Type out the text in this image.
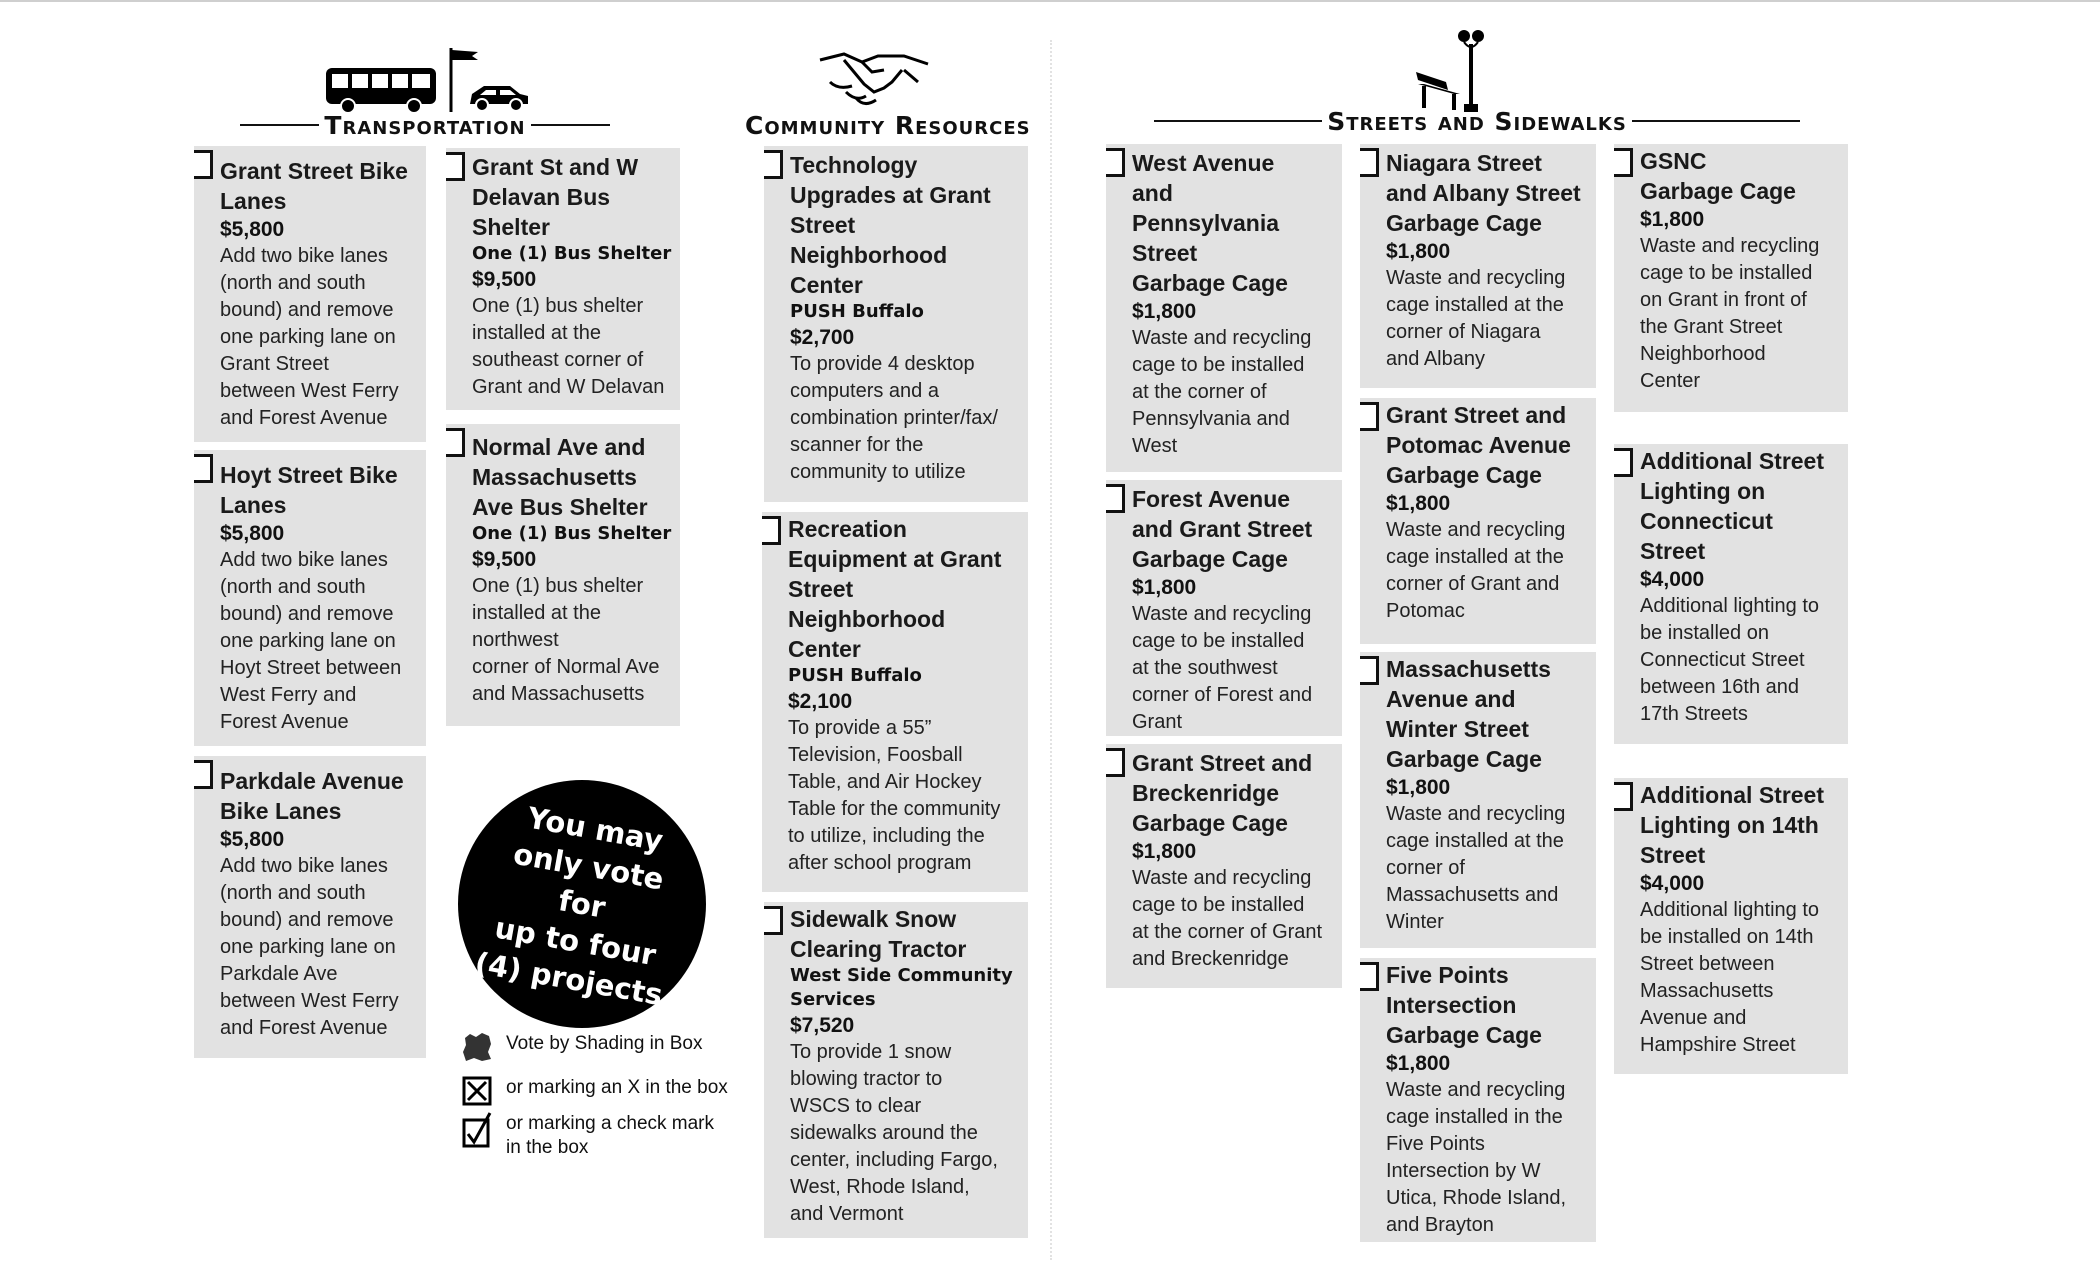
Transportation	Community Resources	Streets and Sidewalks
Grant Street Bike
Lanes
$5,800
Add two bike lanes
(north and south
bound) and remove
one parking lane on
Grant Street
between West Ferry
and Forest Avenue
Hoyt Street Bike
Lanes
$5,800
Add two bike lanes
(north and south
bound) and remove
one parking lane on
Hoyt Street between
West Ferry and
Forest Avenue
Parkdale Avenue
Bike Lanes
$5,800
Add two bike lanes
(north and south
bound) and remove
one parking lane on
Parkdale Ave
between West Ferry
and Forest Avenue
Grant St and W
Delavan Bus
Shelter
One (1) Bus Shelter
$9,500
One (1) bus shelter
installed at the
southeast corner of
Grant and W Delavan
Normal Ave and
Massachusetts
Ave Bus Shelter
One (1) Bus Shelter
$9,500
One (1) bus shelter
installed at the
northwest
corner of Normal Ave
and Massachusetts
Technology
Upgrades at Grant
Street
Neighborhood
Center
PUSH Buffalo
$2,700
To provide 4 desktop
computers and a
combination printer/fax/
scanner for the
community to utilize
Recreation
Equipment at Grant
Street
Neighborhood
Center
PUSH Buffalo
$2,100
To provide a 55”
Television, Foosball
Table, and Air Hockey
Table for the community
to utilize, including the
after school program
Sidewalk Snow
Clearing Tractor
West Side Community Services
$7,520
To provide 1 snow
blowing tractor to
WSCS to clear
sidewalks around the
center, including Fargo,
West, Rhode Island,
and Vermont
West Avenue
and
Pennsylvania
Street
Garbage Cage
$1,800
Waste and recycling
cage to be installed
at the corner of
Pennsylvania and
West
Forest Avenue
and Grant Street
Garbage Cage
$1,800
Waste and recycling
cage to be installed
at the southwest
corner of Forest and
Grant
Grant Street and
Breckenridge
Garbage Cage
$1,800
Waste and recycling
cage to be installed
at the corner of Grant
and Breckenridge
Niagara Street
and Albany Street
Garbage Cage
$1,800
Waste and recycling
cage installed at the
corner of Niagara
and Albany
Grant Street and
Potomac Avenue
Garbage Cage
$1,800
Waste and recycling
cage installed at the
corner of Grant and
Potomac
Massachusetts
Avenue and
Winter Street
Garbage Cage
$1,800
Waste and recycling
cage installed at the
corner of
Massachusetts and
Winter
Five Points
Intersection
Garbage Cage
$1,800
Waste and recycling
cage installed in the
Five Points
Intersection by W
Utica, Rhode Island,
and Brayton
GSNC
Garbage Cage
$1,800
Waste and recycling
cage to be installed
on Grant in front of
the Grant Street
Neighborhood
Center
Additional Street
Lighting on
Connecticut
Street
$4,000
Additional lighting to
be installed on
Connecticut Street
between 16th and
17th Streets
Additional Street
Lighting on 14th
Street
$4,000
Additional lighting to
be installed on 14th
Street between
Massachusetts
Avenue and
Hampshire Street
You may
only vote for
up to four
(4) projects
Vote by Shading in Box
or marking an X in the box
or marking a check mark
in the box
